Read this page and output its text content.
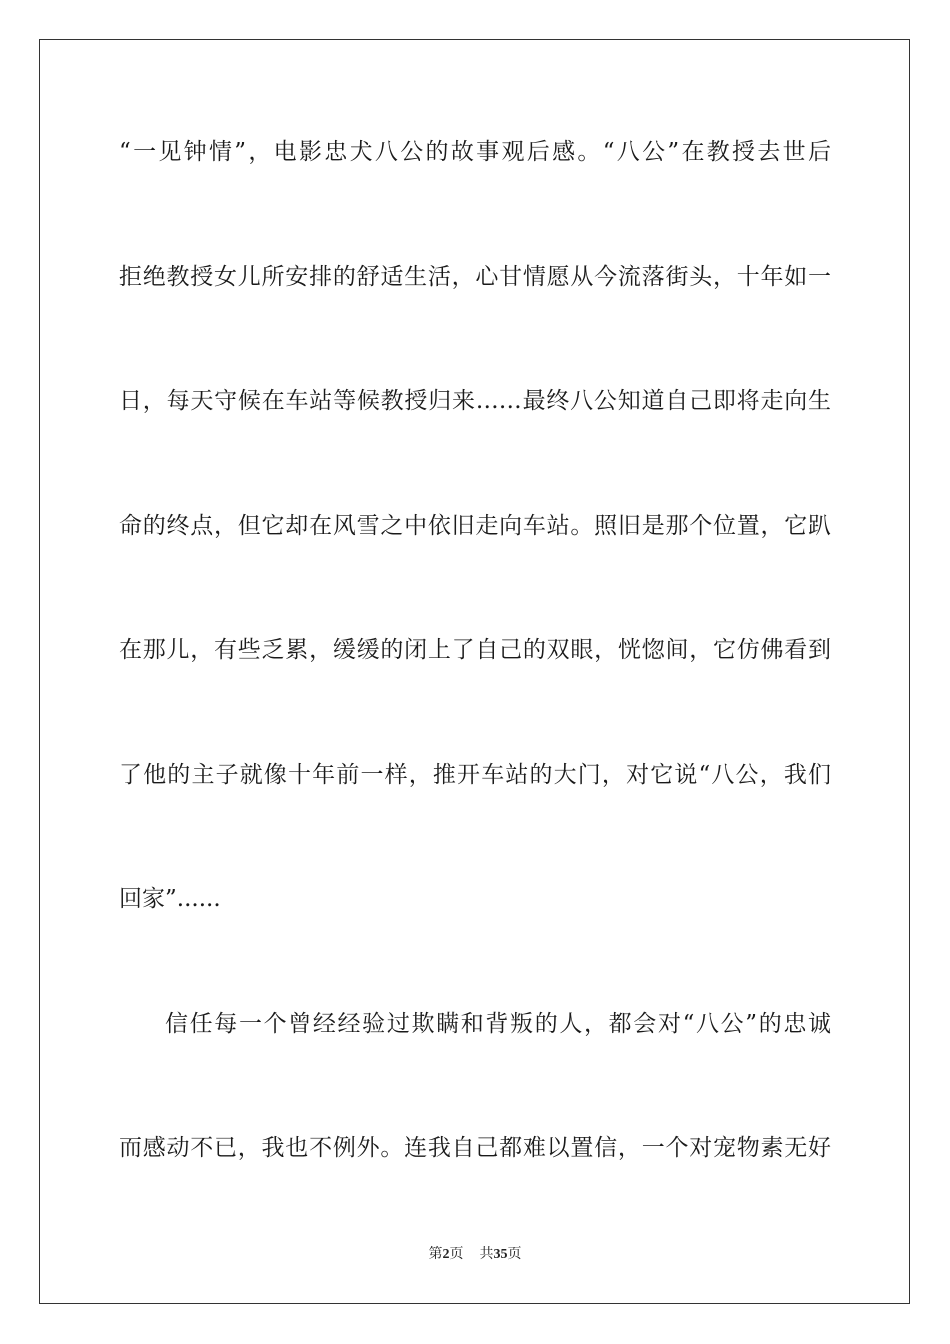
“一见钟情”，电影忠犬八公的故事观后感。“八公”在教授去世后
拒绝教授女儿所安排的舒适生活，心甘情愿从今流落街头，十年如一
日，每天守候在车站等候教授归来……最终八公知道自己即将走向生
命的终点，但它却在风雪之中依旧走向车站。照旧是那个位置，它趴
在那儿，有些乏累，缓缓的闭上了自己的双眼，恍惚间，它仿佛看到
了他的主子就像十年前一样，推开车站的大门，对它说“八公，我们
回家”......
信任每一个曾经经验过欺瞒和背叛的人，都会对“八公”的忠诚
而感动不已，我也不例外。连我自己都难以置信，一个对宠物素无好
第2页 共35页
